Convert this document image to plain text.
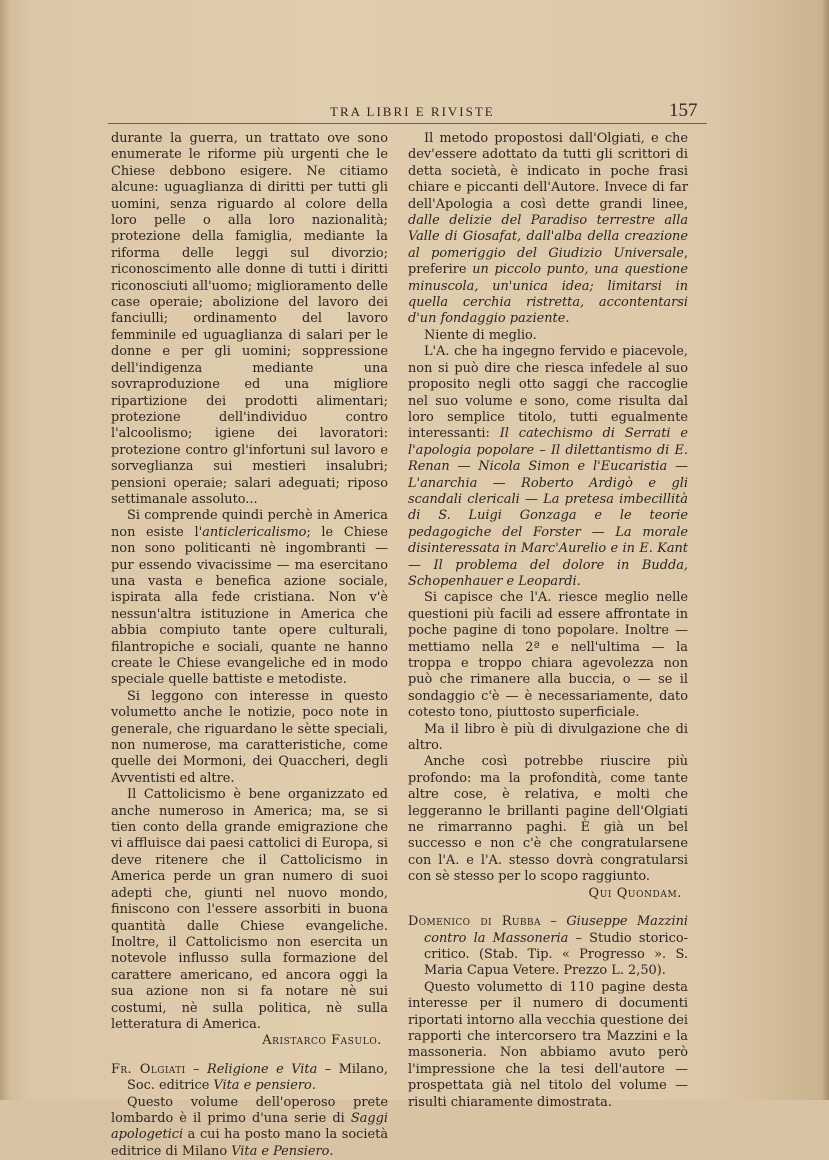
TRA LIBRI E RIVISTE	157

durante la guerra, un trattato ove sono enumerate le riforme più urgenti che le Chiese debbono esigere. Ne citiamo alcune: uguaglianza di diritti per tutti gli uomini, senza riguardo al colore della loro pelle o alla loro nazionalità; protezione della famiglia, mediante la riforma delle leggi sul divorzio; riconoscimento alle donne di tutti i diritti riconosciuti all'uomo; miglioramento delle case operaie; abolizione del lavoro dei fanciulli; ordinamento del lavoro femminile ed uguaglianza di salari per le donne e per gli uomini; soppressione dell'indigenza mediante una sovraproduzione ed una migliore ripartizione dei prodotti alimentari; protezione dell'individuo contro l'alcoolismo; igiene dei lavoratori: protezione contro gl'infortuni sul lavoro e sorveglianza sui mestieri insalubri; pensioni operaie; salari adeguati; riposo settimanale assoluto...

Si comprende quindi perchè in America non esiste l'anticlericalismo; le Chiese non sono politicanti nè ingombranti — pur essendo vivacissime — ma esercitano una vasta e benefica azione sociale, ispirata alla fede cristiana. Non v'è nessun'altra istituzione in America che abbia compiuto tante opere culturali, filantropiche e sociali, quante ne hanno create le Chiese evangeliche ed in modo speciale quelle battiste e metodiste.

Si leggono con interesse in questo volumetto anche le notizie, poco note in generale, che riguardano le sètte speciali, non numerose, ma caratteristiche, come quelle dei Mormoni, dei Quaccheri, degli Avventisti ed altre.

Il Cattolicismo è bene organizzato ed anche numeroso in America; ma, se si tien conto della grande emigrazione che vi affluisce dai paesi cattolici di Europa, si deve ritenere che il Cattolicismo in America perde un gran numero di suoi adepti che, giunti nel nuovo mondo, finiscono con l'essere assorbiti in buona quantità dalle Chiese evangeliche. Inoltre, il Cattolicismo non esercita un notevole influsso sulla formazione del carattere americano, ed ancora oggi la sua azione non si fa notare nè sui costumi, nè sulla politica, nè sulla letteratura di America.

Aristarco Fasulo.

Fr. Olgiati – Religione e Vita – Milano, Soc. editrice Vita e pensiero.

Questo volume dell'operoso prete lombardo è il primo d'una serie di Saggi apologetici a cui ha posto mano la società editrice di Milano Vita e Pensiero.

Il metodo propostosi dall'Olgiati, e che dev'essere adottato da tutti gli scrittori di detta società, è indicato in poche frasi chiare e piccanti dell'Autore. Invece di far dell'Apologia a così dette grandi linee, dalle delizie del Paradiso terrestre alla Valle di Giosafat, dall'alba della creazione al pomeriggio del Giudizio Universale, preferire un piccolo punto, una questione minuscola, un'unica idea; limitarsi in quella cerchia ristretta, accontentarsi d'un fondaggio paziente.

Niente di meglio.

L'A. che ha ingegno fervido e piacevole, non si può dire che riesca infedele al suo proposito negli otto saggi che raccoglie nel suo volume e sono, come risulta dal loro semplice titolo, tutti egualmente interessanti: Il catechismo di Serrati e l'apologia popolare – Il dilettantismo di E. Renan — Nicola Simon e l'Eucaristia — L'anarchia — Roberto Ardigò e gli scandali clericali — La pretesa imbecillità di S. Luigi Gonzaga e le teorie pedagogiche del Forster — La morale disinteressata in Marc'Aurelio e in E. Kant — Il problema del dolore in Budda, Schopenhauer e Leopardi.

Si capisce che l'A. riesce meglio nelle questioni più facili ad essere affrontate in poche pagine di tono popolare. Inoltre — mettiamo nella 2ª e nell'ultima — la troppa e troppo chiara agevolezza non può che rimanere alla buccia, o — se il sondaggio c'è — è necessariamente, dato cotesto tono, piuttosto superficiale.

Ma il libro è più di divulgazione che di altro.

Anche così potrebbe riuscire più profondo: ma la profondità, come tante altre cose, è relativa, e molti che leggeranno le brillanti pagine dell'Olgiati ne rimarranno paghi. È già un bel successo e non c'è che congratularsene con l'A. e l'A. stesso dovrà congratularsi con sè stesso per lo scopo raggiunto.

Qui Quondam.

Domenico di Rubba – Giuseppe Mazzini contro la Massoneria – Studio storico-critico. (Stab. Tip. « Progresso ». S. Maria Capua Vetere. Prezzo L. 2,50).

Questo volumetto di 110 pagine desta interesse per il numero di documenti riportati intorno alla vecchia questione dei rapporti che intercorsero tra Mazzini e la massoneria. Non abbiamo avuto però l'impressione che la tesi dell'autore — prospettata già nel titolo del volume — risulti chiaramente dimostrata.
